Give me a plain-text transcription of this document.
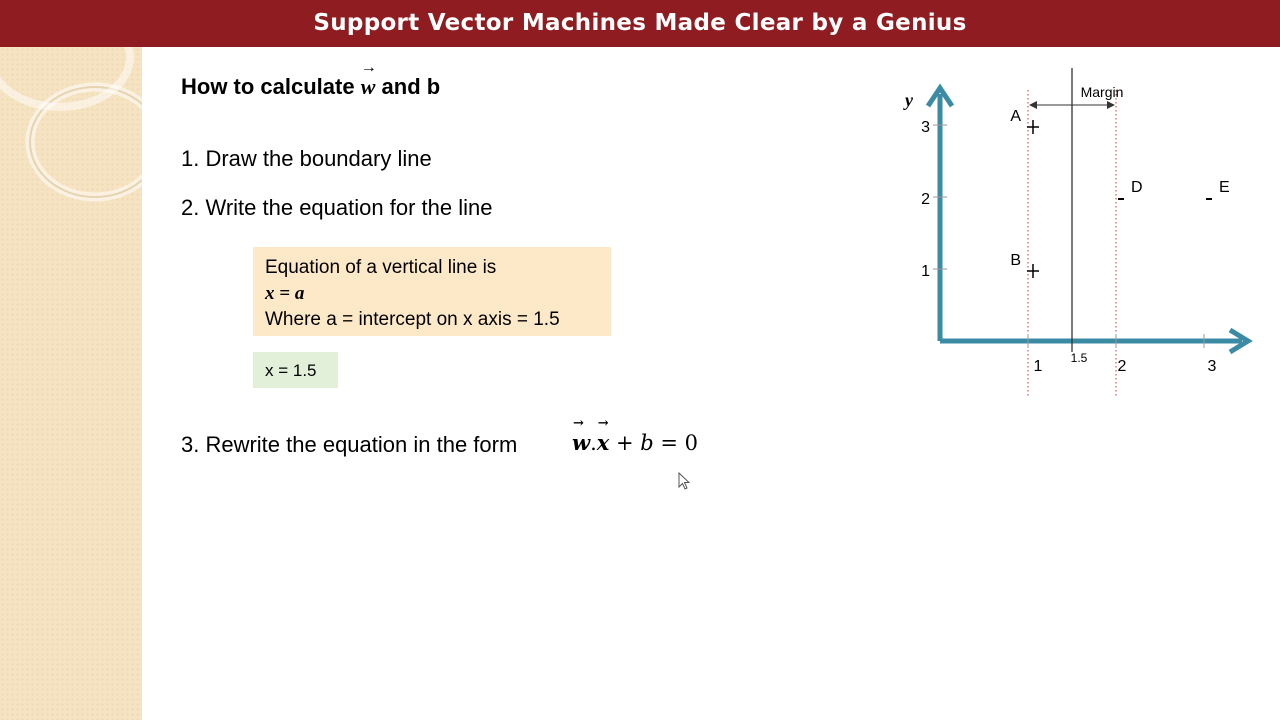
Support Vector Machines Made Clear by a Genius
How to calculate → w and b
1. Draw the boundary line
2. Write the equation for the line
Equation of a vertical line is
x = a
Where a = intercept on x axis = 1.5
x = 1.5
3. Rewrite the equation in the form
→	w.→ x + b = 0
y	Margin
1
2
3
1 1.5 2	3
A
B
D	E
